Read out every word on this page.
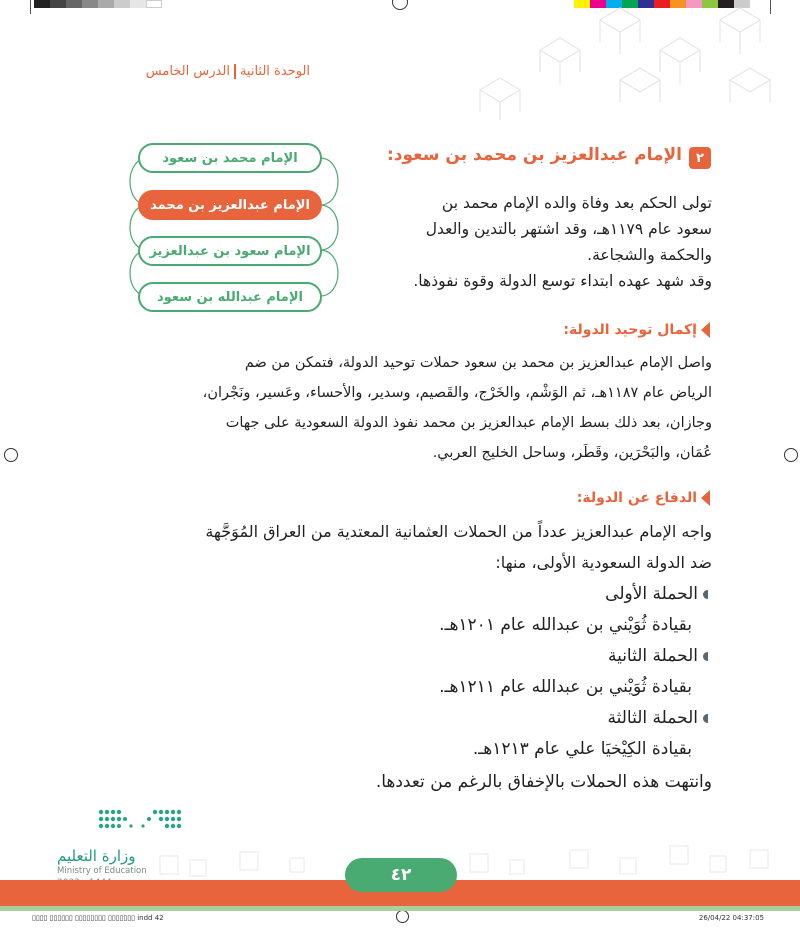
الوحدة الثانيةالدرس الخامس
الإمام محمد بن سعود
الإمام عبدالعزيز بن محمد
الإمام سعود بن عبدالعزيز
الإمام عبدالله بن سعود
٢
الإمام عبدالعزيز بن محمد بن سعود:

تولى الحكم بعد وفاة والده الإمام محمد بن

سعود عام ١١٧٩هـ، وقد اشتهر بالتدين والعدل

والحكمة والشجاعة.

وقد شهد عهده ابتداء توسع الدولة وقوة نفوذها.

إكمال توحيد الدولة:

واصل الإمام عبدالعزيز بن محمد بن سعود حملات توحيد الدولة، فتمكن من ضم

الرياض عام ١١٨٧هـ، ثم الوَشْم، والخَرْج، والقَصيم، وسدير، والأحساء، وعَسير، ونَجْران،

وجازان، بعد ذلك بسط الإمام عبدالعزيز بن محمد نفوذ الدولة السعودية على جهات

عُمَان، والبَحْرَين، وقَطَر، وساحل الخليج العربي.

الدفاع عن الدولة:

واجه الإمام عبدالعزيز عدداً من الحملات العثمانية المعتدية من العراق المُوَجَّهة

ضد الدولة السعودية الأولى، منها:

الحملة الأولى
بقيادة ثُوَيْني بن عبدالله عام ١٢٠١هـ.
الحملة الثانية
بقيادة ثُوَيْني بن عبدالله عام ١٢١١هـ.
الحملة الثالثة
بقيادة الكِيْخيَا علي عام ١٢١٣هـ.
وانتهت هذه الحملات بالإخفاق بالرغم من تعددها.
وزارة التعليم
Ministry of Education	٤٢
▯▯▯▯ ▯▯▯▯▯▯ ▯▯▯▯▯▯▯▯ ▯▯▯▯▯▯▯ indd 42	26/04/22 04:37:05
